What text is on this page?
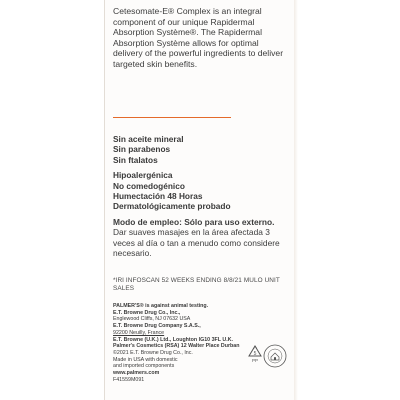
Cetesomate-E® Complex is an integral component of our unique Rapidermal Absorption Système®. The Rapidermal Absorption Système allows for optimal delivery of the powerful ingredients to deliver targeted skin benefits.
Sin aceite mineral
Sin parabenos
Sin ftalatos
Hipoalergénica
No comedogénico
Humectación 48 Horas
Dermatológicamente probado
Modo de empleo: Sólo para uso externo. Dar suaves masajes en la área afectada 3 veces al día o tan a menudo como considere necesario.
*IRI INFOSCAN 52 WEEKS ENDING 8/8/21 MULO UNIT SALES
PALMER'S® is against animal testing.
E.T. Browne Drug Co., Inc.,
Englewood Cliffs, NJ 07632 USA
E.T. Browne Drug Company S.A.S.,
92200 Neuilly, France
E.T. Browne (U.K.) Ltd., Loughton IG10 3FL U.K.
Palmer's Cosmetics (RSA) 12 Walter Place Durban
©2021 E.T. Browne Drug Co., Inc.
Made in USA with domestic
and imported components
www.palmers.com
F41559M091
5
PP
